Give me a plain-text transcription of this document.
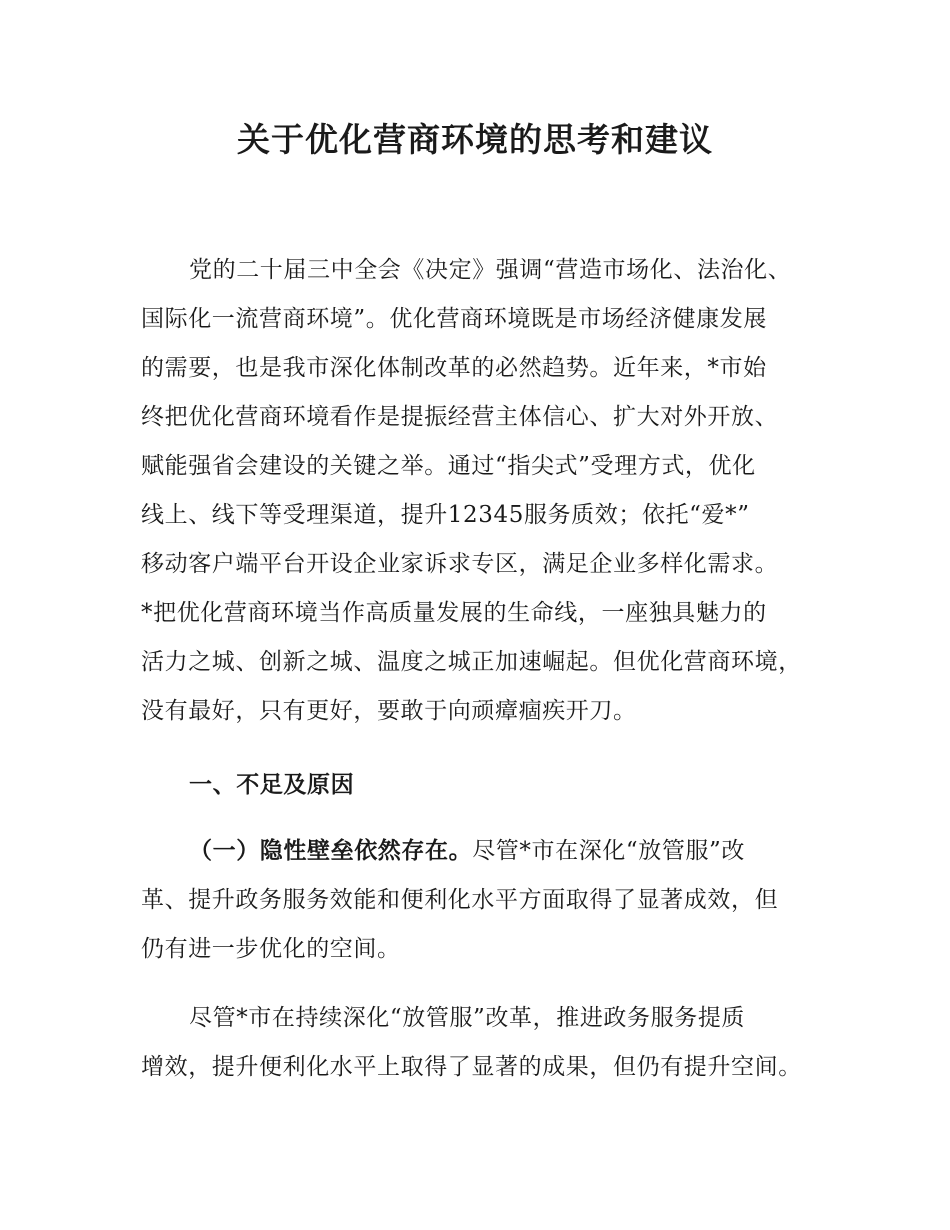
关于优化营商环境的思考和建议
党的二十届三中全会《决定》强调“营造市场化、法治化、
国际化一流营商环境”。优化营商环境既是市场经济健康发展
的需要，也是我市深化体制改革的必然趋势。近年来，*市始
终把优化营商环境看作是提振经营主体信心、扩大对外开放、
赋能强省会建设的关键之举。通过“指尖式”受理方式，优化
线上、线下等受理渠道，提升12345服务质效；依托“爱*”
移动客户端平台开设企业家诉求专区，满足企业多样化需求。
*把优化营商环境当作高质量发展的生命线，一座独具魅力的
活力之城、创新之城、温度之城正加速崛起。但优化营商环境，
没有最好，只有更好，要敢于向顽瘴痼疾开刀。
一、不足及原因
（一）隐性壁垒依然存在。尽管*市在深化“放管服”改
革、提升政务服务效能和便利化水平方面取得了显著成效，但
仍有进一步优化的空间。
尽管*市在持续深化“放管服”改革，推进政务服务提质
增效，提升便利化水平上取得了显著的成果，但仍有提升空间。
